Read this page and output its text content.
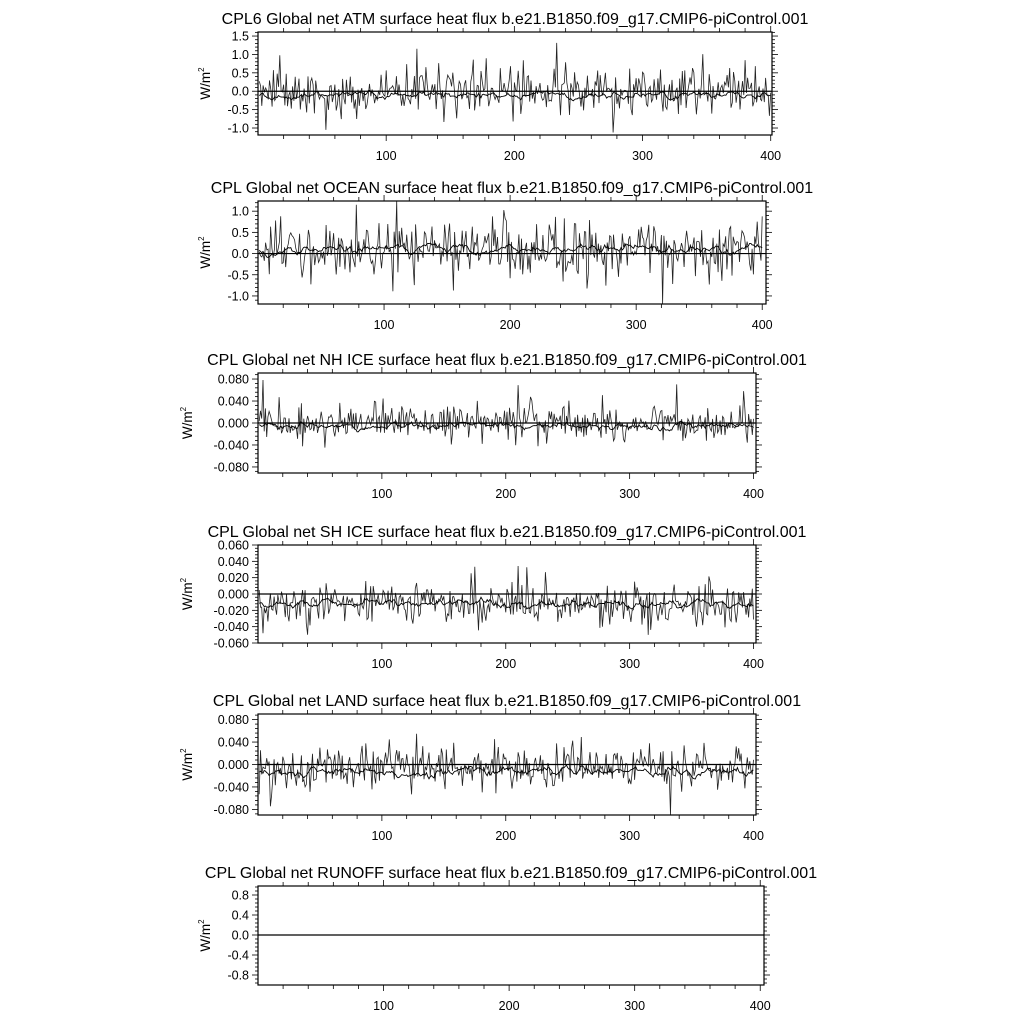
CPL6 Global net ATM surface heat flux b.e21.B1850.f09_g17.CMIP6-piControl.001
$W/m^2$
100	200	300	400
1.5
1.0
0.5
0.0
-0.5
-1.0
CPL Global net OCEAN surface heat flux b.e21.B1850.f09_g17.CMIP6-piControl.001
$W/m^2$
100	200	300	400
1.0
0.5
0.0
-0.5
-1.0
CPL Global net NH ICE surface heat flux b.e21.B1850.f09_g17.CMIP6-piControl.001
$W/m^2$
100	200	300	400
0.080
0.040
0.000
-0.040
-0.080
CPL Global net SH ICE surface heat flux b.e21.B1850.f09_g17.CMIP6-piControl.001
$W/m^2$
100	200	300	400
0.060
0.040
0.020
0.000
-0.020
-0.040
-0.060
CPL Global net LAND surface heat flux b.e21.B1850.f09_g17.CMIP6-piControl.001
$W/m^2$
100	200	300	400
0.080
0.040
0.000
-0.040
-0.080
CPL Global net RUNOFF surface heat flux b.e21.B1850.f09_g17.CMIP6-piControl.001
$W/m^2$
100	200	300	400
0.8
0.4
0.0
-0.4
-0.8
